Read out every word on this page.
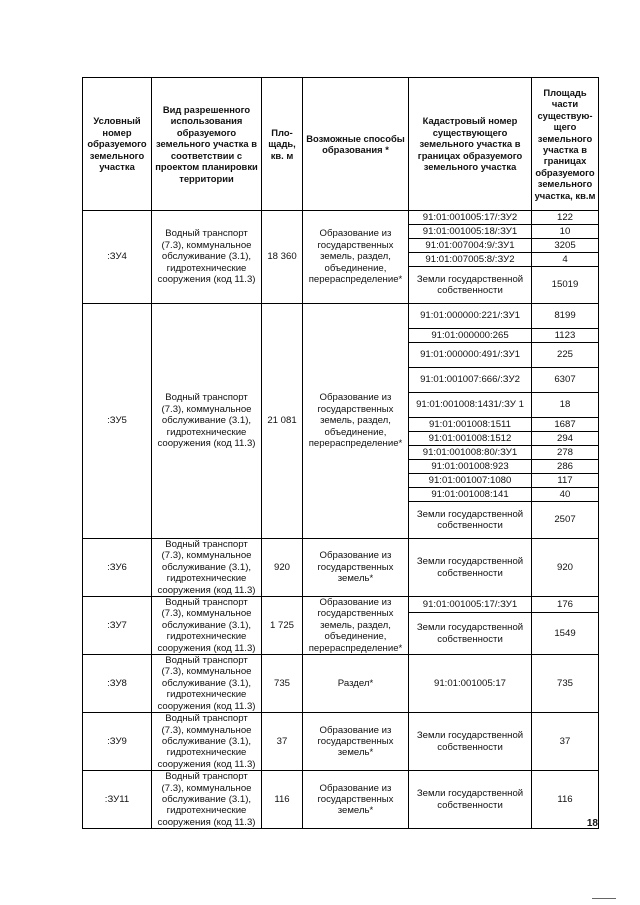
Условный номер образуемого земельного участка	Вид разрешенного использования образуемого земельного участка в соответствии с проектом планировки территории	Пло-щадь, кв. м	Возможные способы образования *	Кадастровый номер существующего земельного участка в границах образуемого земельного участка	Площадь части существую-щего земельного участка в границах образуемого земельного участка, кв.м
:ЗУ4	Водный транспорт (7.3), коммунальное обслуживание (3.1), гидротехнические сооружения (код 11.3)	18 360	Образование из государственных земель, раздел, объединение, перераспределение*	91:01:001005:17/:ЗУ2	122
				91:01:001005:18/:ЗУ1	10
				91:01:007004:9/:ЗУ1	3205
				91:01:007005:8/:ЗУ2	4
				Земли государственной собственности	15019
:ЗУ5	Водный транспорт (7.3), коммунальное обслуживание (3.1), гидротехнические сооружения (код 11.3)	21 081	Образование из государственных земель, раздел, объединение, перераспределение*	91:01:000000:221/:ЗУ1	8199
				91:01:000000:265	1123
				91:01:000000:491/:ЗУ1	225
				91:01:001007:666/:ЗУ2	6307
				91:01:001008:1431/:ЗУ 1	18
				91:01:001008:1511	1687
				91:01:001008:1512	294
				91:01:001008:80/:ЗУ1	278
				91:01:001008:923	286
				91:01:001007:1080	117
				91:01:001008:141	40
				Земли государственной собственности	2507
:ЗУ6	Водный транспорт (7.3), коммунальное обслуживание (3.1), гидротехнические сооружения (код 11.3)	920	Образование из государственных земель*	Земли государственной собственности	920
:ЗУ7	Водный транспорт (7.3), коммунальное обслуживание (3.1), гидротехнические сооружения (код 11.3)	1 725	Образование из государственных земель, раздел, объединение, перераспределение*	91:01:001005:17/:ЗУ1	176
				Земли государственной собственности	1549
:ЗУ8	Водный транспорт (7.3), коммунальное обслуживание (3.1), гидротехнические сооружения (код 11.3)	735	Раздел*	91:01:001005:17	735
:ЗУ9	Водный транспорт (7.3), коммунальное обслуживание (3.1), гидротехнические сооружения (код 11.3)	37	Образование из государственных земель*	Земли государственной собственности	37
:ЗУ11	Водный транспорт (7.3), коммунальное обслуживание (3.1), гидротехнические сооружения (код 11.3)	116	Образование из государственных земель*	Земли государственной собственности	116
18
